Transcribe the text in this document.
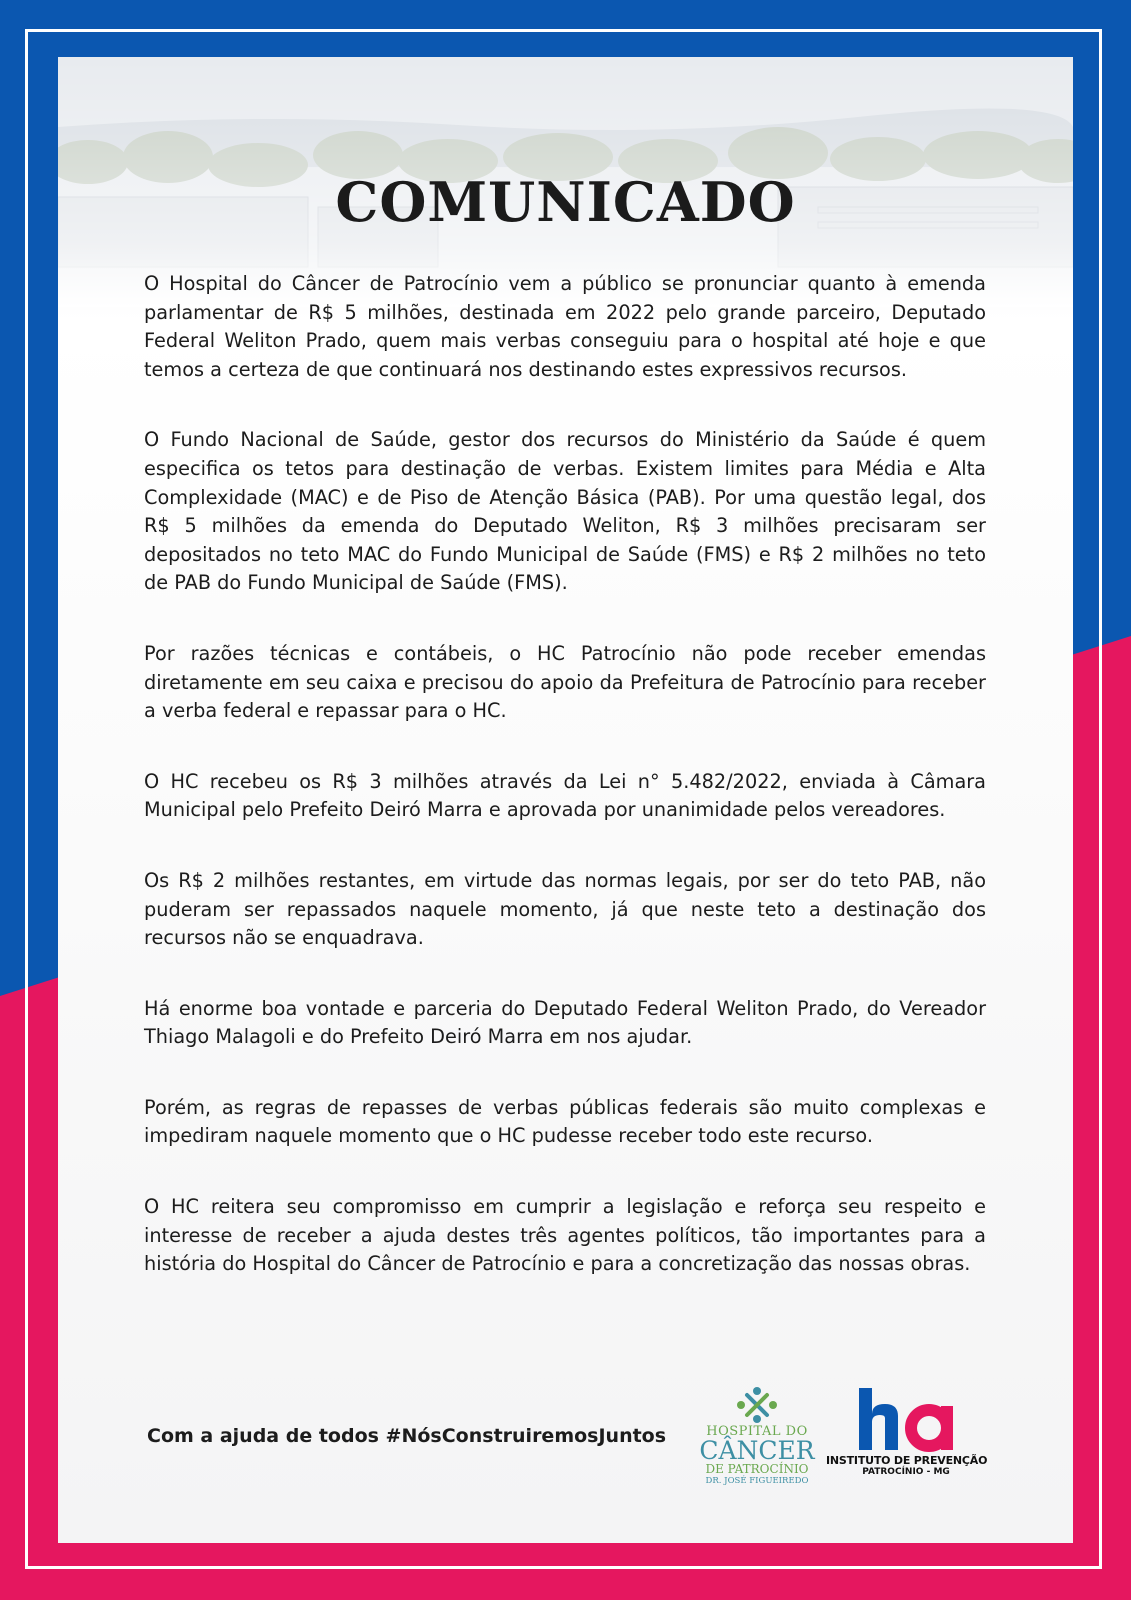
COMUNICADO

O Hospital do Câncer de Patrocínio vem a público se pronunciar quanto à emenda parlamentar de R$ 5 milhões, destinada em 2022 pelo grande parceiro, Deputado Federal Weliton Prado, quem mais verbas conseguiu para o hospital até hoje e que temos a certeza de que continuará nos destinando estes expressivos recursos.

O Fundo Nacional de Saúde, gestor dos recursos do Ministério da Saúde é quem especifica os tetos para destinação de verbas. Existem limites para Média e Alta Complexidade (MAC) e de Piso de Atenção Básica (PAB). Por uma questão legal, dos R$ 5 milhões da emenda do Deputado Weliton, R$ 3 milhões precisaram ser depositados no teto MAC do Fundo Municipal de Saúde (FMS) e R$ 2 milhões no teto de PAB do Fundo Municipal de Saúde (FMS).

Por razões técnicas e contábeis, o HC Patrocínio não pode receber emendas diretamente em seu caixa e precisou do apoio da Prefeitura de Patrocínio para receber a verba federal e repassar para o HC.

O HC recebeu os R$ 3 milhões através da Lei n° 5.482/2022, enviada à Câmara Municipal pelo Prefeito Deiró Marra e aprovada por unanimidade pelos vereadores.

Os R$ 2 milhões restantes, em virtude das normas legais, por ser do teto PAB, não puderam ser repassados naquele momento, já que neste teto a destinação dos recursos não se enquadrava.

Há enorme boa vontade e parceria do Deputado Federal Weliton Prado, do Vereador Thiago Malagoli e do Prefeito Deiró Marra em nos ajudar.

Porém, as regras de repasses de verbas públicas federais são muito complexas e impediram naquele momento que o HC pudesse receber todo este recurso.

O HC reitera seu compromisso em cumprir a legislação e reforça seu respeito e interesse de receber a ajuda destes três agentes políticos, tão importantes para a história do Hospital do Câncer de Patrocínio e para a concretização das nossas obras.

Com a ajuda de todos #NósConstruiremosJuntos	HOSPITAL DO
CÂNCER
DE PATROCÍNIO
DR. JOSÉ FIGUEIREDO
INSTITUTO DE PREVENÇÃO
PATROCÍNIO - MG
